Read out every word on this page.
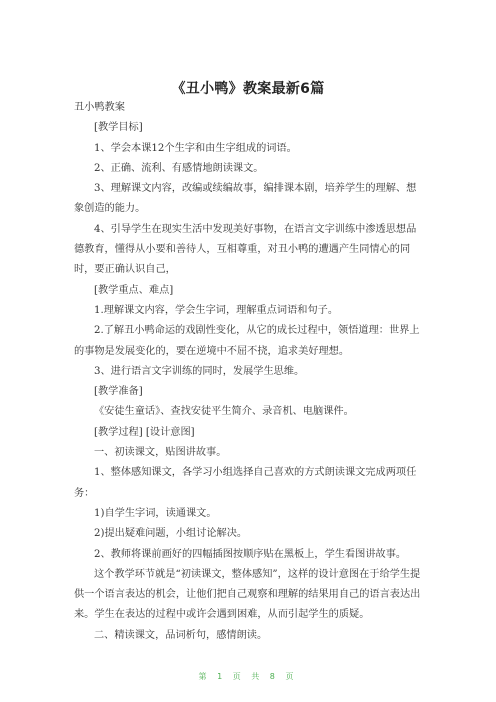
《丑小鸭》教案最新6篇

丑小鸭教案

[教学目标]

1、学会本课12个生字和由生字组成的词语。

2、正确、流利、有感情地朗读课文。

3、理解课文内容，改编或续编故事，编排课本剧，培养学生的理解、想象创造的能力。

4、引导学生在现实生活中发现美好事物，在语言文字训练中渗透思想品德教育，懂得从小要和善待人，互相尊重，对丑小鸭的遭遇产生同情心的同时，要正确认识自己，

[教学重点、难点]

1.理解课文内容，学会生字词，理解重点词语和句子。

2.了解丑小鸭命运的戏剧性变化，从它的成长过程中，领悟道理：世界上的事物是发展变化的，要在逆境中不屈不挠，追求美好理想。

3、进行语言文字训练的同时，发展学生思维。

[教学准备]

《安徒生童话》、查找安徒平生简介、录音机、电脑课件。

[教学过程] [设计意图]

一、初读课文，贴图讲故事。

1、整体感知课文，各学习小组选择自己喜欢的方式朗读课文完成两项任务：

1)自学生字词，读通课文。

2)提出疑难问题，小组讨论解决。

2、教师将课前画好的四幅插图按顺序贴在黑板上，学生看图讲故事。

这个教学环节就是“初读课文，整体感知”，这样的设计意图在于给学生提供一个语言表达的机会，让他们把自己观察和理解的结果用自己的语言表达出来。学生在表达的过程中或许会遇到困难，从而引起学生的质疑。

二、精读课文，品词析句，感情朗读。

第 1 页 共 8 页
